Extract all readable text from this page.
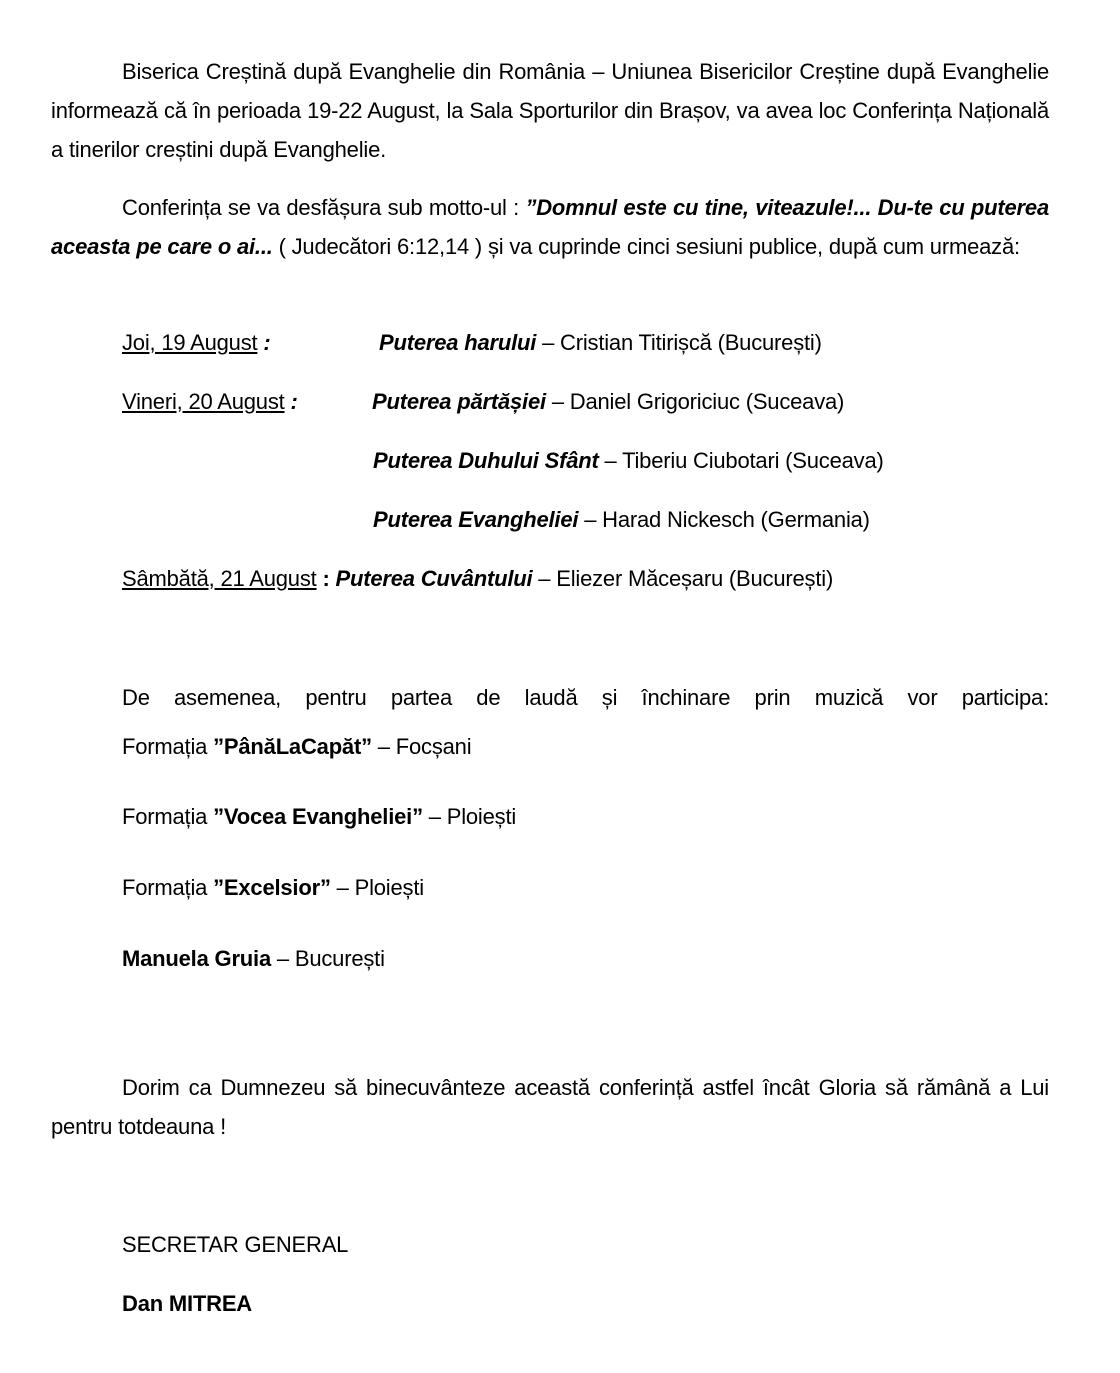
Biserica Creștină după Evanghelie din România – Uniunea Bisericilor Creștine după Evanghelie informează că în perioada 19-22 August, la Sala Sporturilor din Brașov, va avea loc Conferința Națională a tinerilor creștini după Evanghelie.

Conferința se va desfășura sub motto-ul : ”Domnul este cu tine, viteazule!... Du-te cu puterea aceasta pe care o ai... ( Judecători 6:12,14 ) și va cuprinde cinci sesiuni publice, după cum urmează:

Joi, 19 August :	Puterea harului – Cristian Titirișcă (București)
Vineri, 20 August :	Puterea părtășiei – Daniel Grigoriciuc (Suceava)
Puterea Duhului Sfânt – Tiberiu Ciubotari (Suceava)
Puterea Evangheliei – Harad Nickesch (Germania)
Sâmbătă, 21 August : Puterea Cuvântului – Eliezer Măceșaru (București)

De asemenea, pentru partea de laudă și închinare prin muzică vor participa:

Formația ”PânăLaCapăt” – Focșani

Formația ”Vocea Evangheliei” – Ploiești

Formația ”Excelsior” – Ploiești

Manuela Gruia – București

Dorim ca Dumnezeu să binecuvânteze această conferință astfel încât Gloria să rămână a Lui pentru totdeauna !

SECRETAR GENERAL

Dan MITREA
